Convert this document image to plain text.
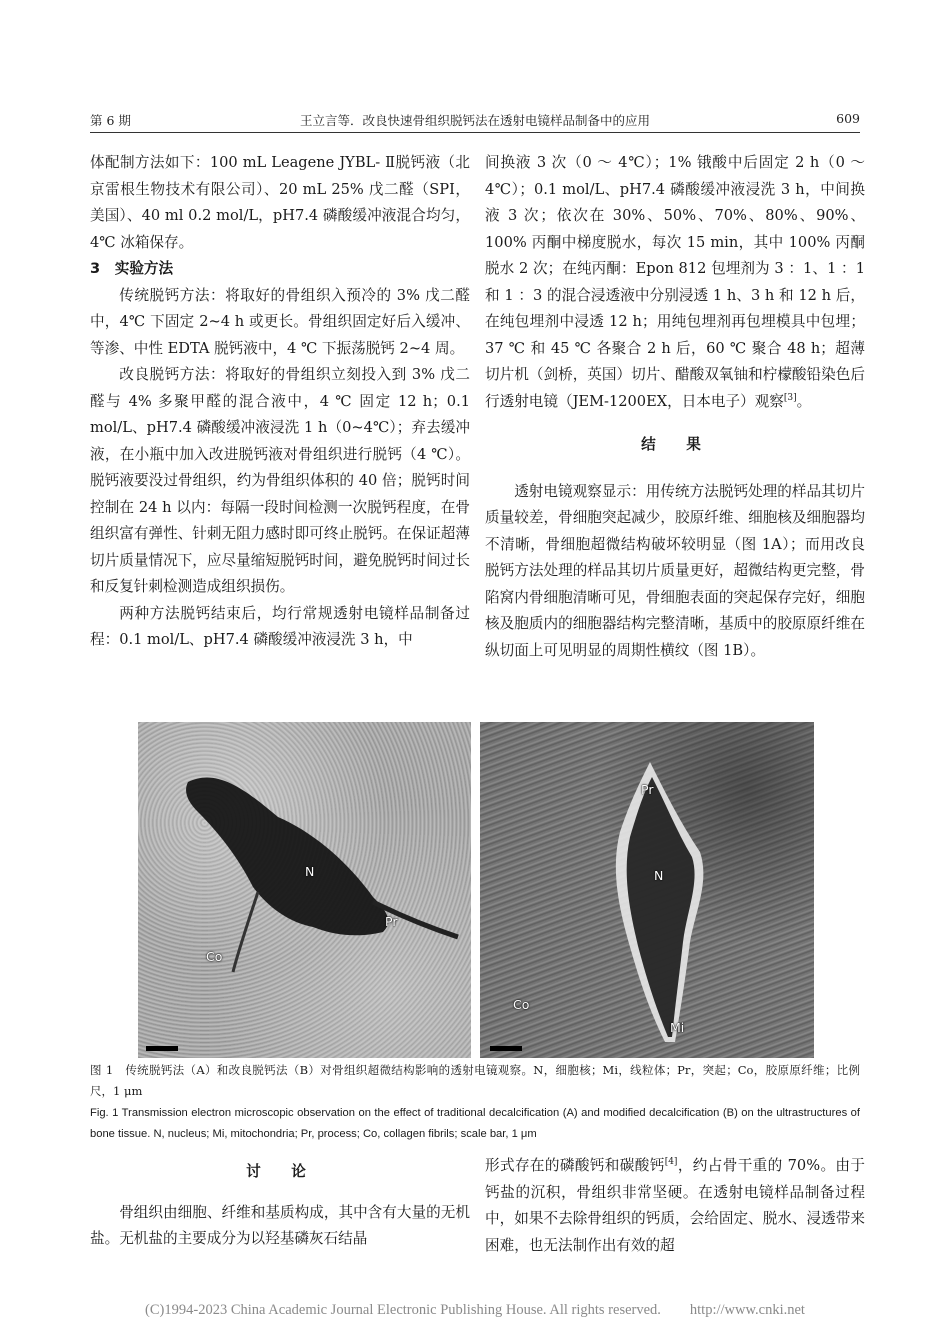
第 6 期	王立言等．改良快速骨组织脱钙法在透射电镜样品制备中的应用	609

体配制方法如下：100 mL Leagene JYBL- Ⅱ脱钙液（北京雷根生物技术有限公司）、20 mL 25% 戊二醛（SPI，美国）、40 ml 0.2 mol/L，pH7.4 磷酸缓冲液混合均匀，4℃ 冰箱保存。

3　实验方法

传统脱钙方法：将取好的骨组织入预冷的 3% 戊二醛中，4℃ 下固定 2~4 h 或更长。骨组织固定好后入缓冲、等渗、中性 EDTA 脱钙液中，4 ℃ 下振荡脱钙 2~4 周。

改良脱钙方法：将取好的骨组织立刻投入到 3% 戊二醛与 4% 多聚甲醛的混合液中，4 ℃ 固定 12 h；0.1 mol/L、pH7.4 磷酸缓冲液浸洗 1 h（0~4℃）；弃去缓冲液，在小瓶中加入改进脱钙液对骨组织进行脱钙（4 ℃）。脱钙液要没过骨组织，约为骨组织体积的 40 倍；脱钙时间控制在 24 h 以内：每隔一段时间检测一次脱钙程度，在骨组织富有弹性、针刺无阻力感时即可终止脱钙。在保证超薄切片质量情况下，应尽量缩短脱钙时间，避免脱钙时间过长和反复针刺检测造成组织损伤。

两种方法脱钙结束后，均行常规透射电镜样品制备过程：0.1 mol/L、pH7.4 磷酸缓冲液浸洗 3 h，中

间换液 3 次（0 ～ 4℃）；1% 锇酸中后固定 2 h（0 ～ 4℃）；0.1 mol/L、pH7.4 磷酸缓冲液浸洗 3 h，中间换液 3 次；依次在 30%、50%、70%、80%、90%、100% 丙酮中梯度脱水，每次 15 min，其中 100% 丙酮脱水 2 次；在纯丙酮：Epon 812 包埋剂为 3 ：1、1 ：1 和 1 ：3 的混合浸透液中分别浸透 1 h、3 h 和 12 h 后，在纯包埋剂中浸透 12 h；用纯包埋剂再包埋模具中包埋；37 ℃ 和 45 ℃ 各聚合 2 h 后，60 ℃ 聚合 48 h；超薄切片机（剑桥，英国）切片、醋酸双氧铀和柠檬酸铅染色后行透射电镜（JEM-1200EX，日本电子）观察[3]。

结　果

透射电镜观察显示：用传统方法脱钙处理的样品其切片质量较差，骨细胞突起减少，胶原纤维、细胞核及细胞器均不清晰，骨细胞超微结构破坏较明显（图 1A）；而用改良脱钙方法处理的样品其切片质量更好，超微结构更完整，骨陷窝内骨细胞清晰可见，骨细胞表面的突起保存完好，细胞核及胞质内的细胞器结构完整清晰，基质中的胶原原纤维在纵切面上可见明显的周期性横纹（图 1B）。

N
Pr
Co
Pr
N
Co
Mi

图 1　传统脱钙法（A）和改良脱钙法（B）对骨组织超微结构影响的透射电镜观察。N，细胞核；Mi，线粒体；Pr，突起；Co，胶原原纤维；比例尺，1 μm

Fig. 1 Transmission electron microscopic observation on the effect of traditional decalcification (A) and modified decalcification (B) on the ultrastructures of bone tissue. N, nucleus; Mi, mitochondria; Pr, process; Co, collagen fibrils; scale bar, 1 μm

讨　论

骨组织由细胞、纤维和基质构成，其中含有大量的无机盐。无机盐的主要成分为以羟基磷灰石结晶

形式存在的磷酸钙和碳酸钙[4]，约占骨干重的 70%。由于钙盐的沉积，骨组织非常坚硬。在透射电镜样品制备过程中，如果不去除骨组织的钙质，会给固定、脱水、浸透带来困难，也无法制作出有效的超

(C)1994-2023 China Academic Journal Electronic Publishing House. All rights reserved.　　http://www.cnki.net
